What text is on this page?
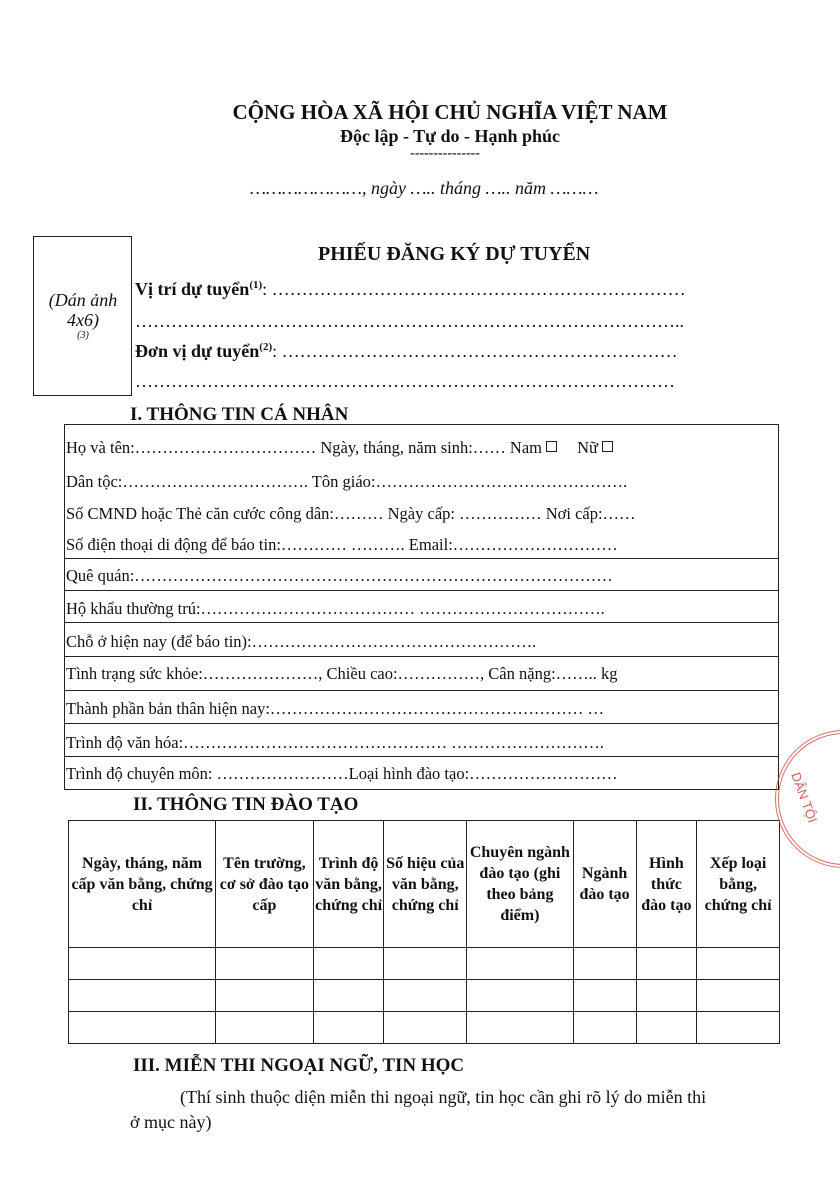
CỘNG HÒA XÃ HỘI CHỦ NGHĨA VIỆT NAM
Độc lập - Tự do - Hạnh phúc
---------------
…………………, ngày ….. tháng ….. năm ………
(Dán ảnh 4x6)
(3)
PHIẾU ĐĂNG KÝ DỰ TUYỂN
Vị trí dự tuyển$^{(1)}$: ……………………………………………………………
………………………………………………………………………………..
Đơn vị dự tuyển$^{(2)}$: …………………………………………………………
………………………………………………………………………………
I. THÔNG TIN CÁ NHÂN
Họ và tên:…………………………… Ngày, tháng, năm sinh:…… Nam Nữ
Dân tộc:……………………………. Tôn giáo:……………………………………….
Số CMND hoặc Thẻ căn cước công dân:……… Ngày cấp: …………… Nơi cấp:……
Số điện thoại di động để báo tin:………… ………. Email:…………………………
Quê quán:……………………………………………………………………………
Hộ khẩu thường trú:………………………………… …………………………….
Chỗ ở hiện nay (để báo tin):…………………………………………….
Tình trạng sức khỏe:…………………, Chiều cao:……………, Cân nặng:…….. kg
Thành phần bản thân hiện nay:………………………………………………… …
Trình độ văn hóa:………………………………………… ……………………….
Trình độ chuyên môn: ……………………Loại hình đào tạo:………………………
II. THÔNG TIN ĐÀO TẠO
Ngày, tháng, năm cấp văn bằng, chứng chỉ	Tên trường, cơ sở đào tạo cấp	Trình độ văn bằng, chứng chỉ	Số hiệu của văn bằng, chứng chỉ	Chuyên ngành đào tạo (ghi theo bảng điểm)	Ngành đào tạo	Hình thức đào tạo	Xếp loại bằng, chứng chỉ

III. MIỄN THI NGOẠI NGỮ, TIN HỌC
(Thí sinh thuộc diện miễn thi ngoại ngữ, tin học cần ghi rõ lý do miễn thi
ở mục này)
DÂN TỘI
